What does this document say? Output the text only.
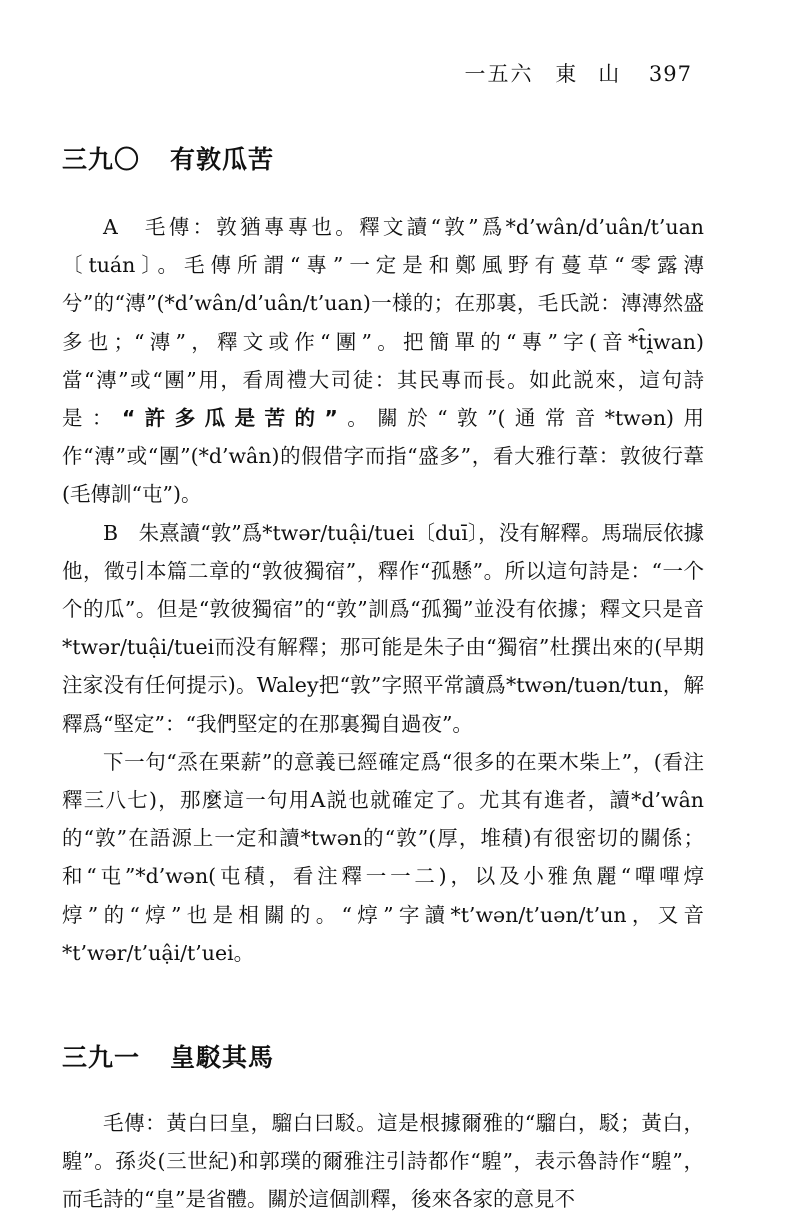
一五六 東山 397
三九〇 有敦瓜苦

A　毛傳：敦猶專專也。釋文讀“敦”爲*d’wân/d’uân/t’uan〔tuán〕。毛傳所謂“專”一定是和鄭風野有蔓草“零露漙兮”的“漙”(*d’wân/d’uân/t’uan)一様的；在那裏，毛氏説：漙漙然盛多也；“漙”，釋文或作“團”。把簡單的“專”字(音*t̑i̯wan)當“漙”或“團”用，看周禮大司徒：其民專而長。如此説來，這句詩是：“許多瓜是苦的”。關於“敦”(通常音*twən)用作“漙”或“團”(*d’wân)的假借字而指“盛多”，看大雅行葦：敦彼行葦(毛傳訓“屯”)。

B　朱熹讀“敦”爲*twər/tuậi/tuei〔duī〕，没有解釋。馬瑞辰依據他，徵引本篇二章的“敦彼獨宿”，釋作“孤懸”。所以這句詩是：“一个个的瓜”。但是“敦彼獨宿”的“敦”訓爲“孤獨”並没有依據；釋文只是音*twər/tuậi/tuei而没有解釋；那可能是朱子由“獨宿”杜撰出來的(早期注家没有任何提示)。Waley把“敦”字照平常讀爲*twən/tuən/tun，解釋爲“堅定”：“我們堅定的在那裏獨自過夜”。

下一句“烝在栗薪”的意義已經確定爲“很多的在栗木柴上”，(看注釋三八七)，那麼這一句用A説也就確定了。尤其有進者，讀*d’wân的“敦”在語源上一定和讀*twən的“敦”(厚，堆積)有很密切的關係；和“屯”*d’wən(屯積，看注釋一一二)，以及小雅魚麗“嘽嘽焞焞”的“焞”也是相關的。“焞”字讀*t’wən/t’uən/t’un，又音*t’wər/t’uậi/t’uei。

三九一 皇駁其馬

毛傳：黃白曰皇，騮白曰駁。這是根據爾雅的“騮白，駁；黃白，騜”。孫炎(三世紀)和郭璞的爾雅注引詩都作“騜”，表示魯詩作“騜”，而毛詩的“皇”是省體。關於這個訓釋，後來各家的意見不
